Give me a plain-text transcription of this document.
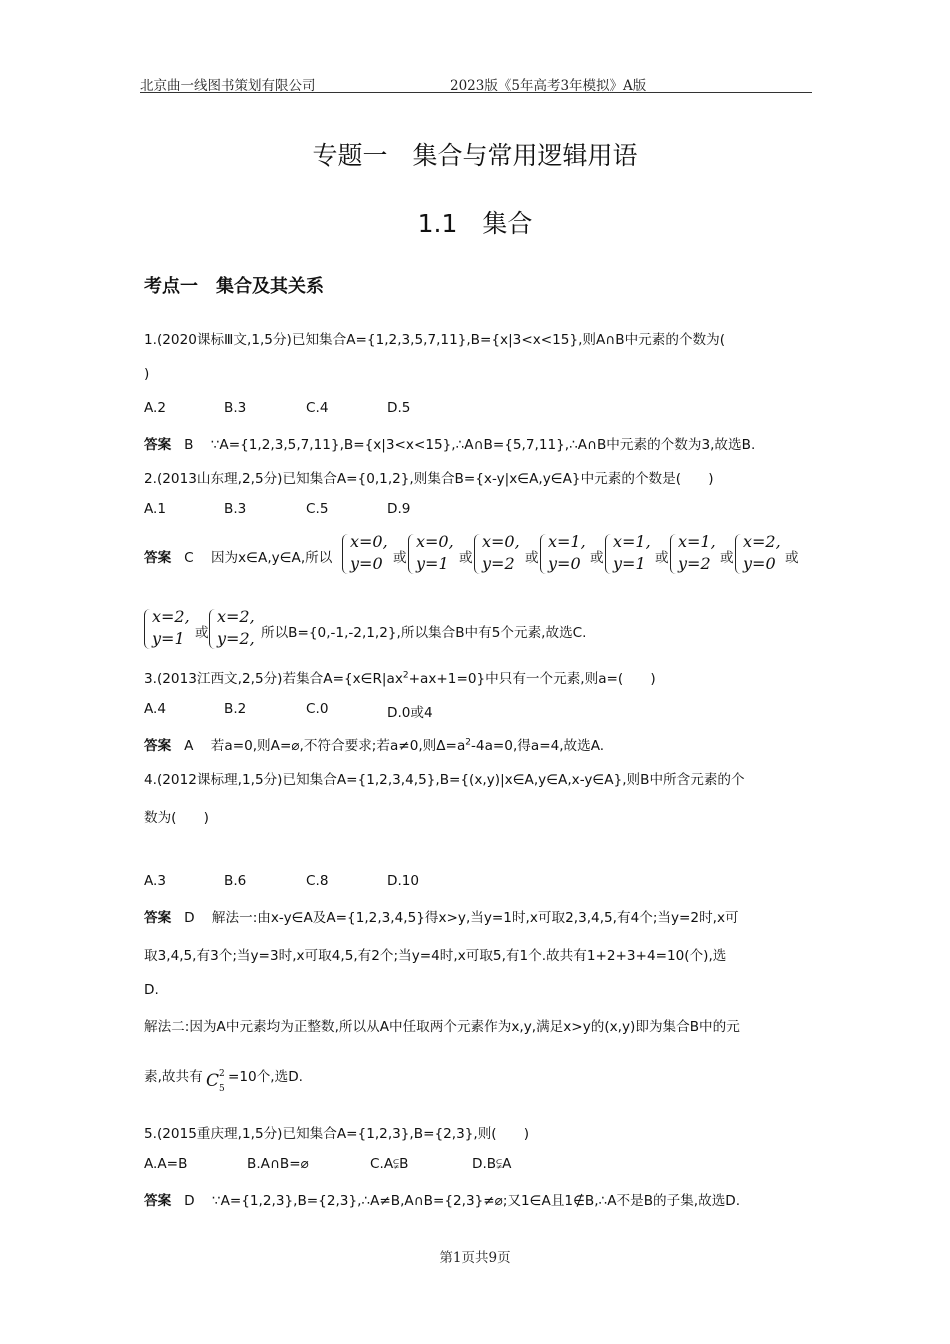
北京曲一线图书策划有限公司	2023版《5年高考3年模拟》A版
专题一　集合与常用逻辑用语
1.1　集合
考点一　集合及其关系
1.(2020课标Ⅲ文,1,5分)已知集合A={1,2,3,5,7,11},B={x|3<x<15},则A∩B中元素的个数为(
)
A.2	B.3	C.4	D.5
答案 B ∵A={1,2,3,5,7,11},B={x|3<x<15},∴A∩B={5,7,11},∴A∩B中元素的个数为3,故选B.
2.(2013山东理,2,5分)已知集合A={0,1,2},则集合B={x-y|x∈A,y∈A}中元素的个数是(　　)
A.1	B.3	C.5	D.9
答案 C 因为x∈A,y∈A,所以
x=0,
y=0 或
x=0,
y=1 或
x=0,
y=2 或
x=1,
y=0 或
x=1,
y=1 或
x=1,
y=2 或
x=2,
y=0 或
x=2,
y=1 或
x=2,
y=2, 所以B={0,-1,-2,1,2},所以集合B中有5个元素,故选C.
3.(2013江西文,2,5分)若集合$A=\{x\in R|ax^2+ax+1=0\}$中只有一个元素,则a=(　　)
A.4	B.2	C.0	D.0或4
答案 A 若a=0,则A=⌀,不符合要求;若a≠0,则$\Delta=a^2-4a=0$,得a=4,故选A.
4.(2012课标理,1,5分)已知集合A={1,2,3,4,5},B={(x,y)|x∈A,y∈A,x-y∈A},则B中所含元素的个
数为(　　)
A.3	B.6	C.8	D.10
答案 D 解法一:由x-y∈A及A={1,2,3,4,5}得x>y,当y=1时,x可取2,3,4,5,有4个;当y=2时,x可
取3,4,5,有3个;当y=3时,x可取4,5,有2个;当y=4时,x可取5,有1个.故共有1+2+3+4=10(个),选
D.
解法二:因为A中元素均为正整数,所以从A中任取两个元素作为x,y,满足x>y的(x,y)即为集合B中的元
素,故共有 C 2
5
=10个,选D.
5.(2015重庆理,1,5分)已知集合A={1,2,3},B={2,3},则(　　)
A.A=B	B.A∩B=⌀	C.A⫋B	D.B⫋A
答案 D ∵A={1,2,3},B={2,3},∴A≠B,A∩B={2,3}≠⌀;又1∈A且1∉B,∴A不是B的子集,故选D.
第1页共9页
